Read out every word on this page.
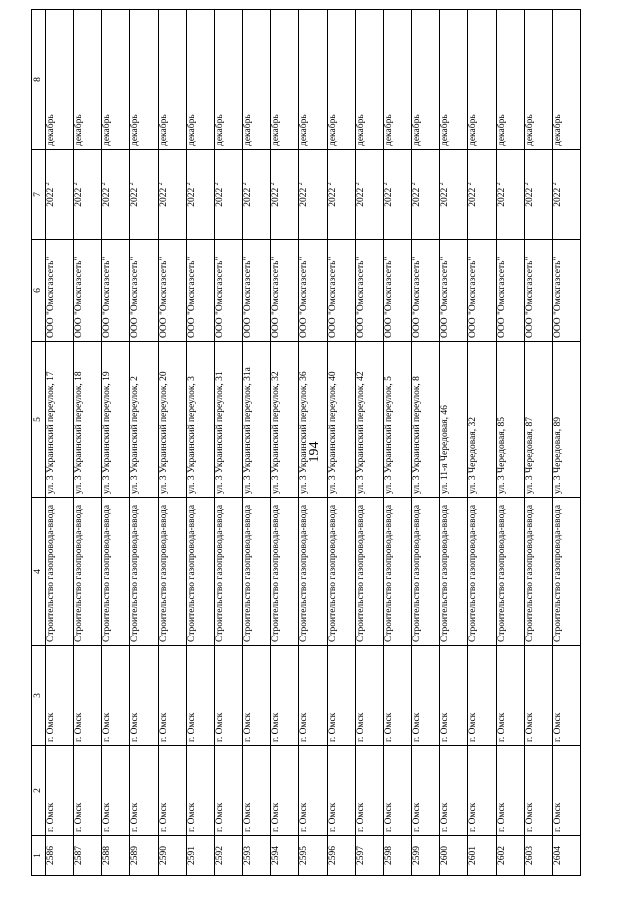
194
1	2	3	4	5	6	7	8
2586	г. Омск	г. Омск	Строительство газопровода-ввода	ул. 3 Украинский переулок, 17	ООО "Омскгазсеть"	2022 $^2$	декабрь
2587	г. Омск	г. Омск	Строительство газопровода-ввода	ул. 3 Украинский переулок, 18	ООО "Омскгазсеть"	2022 $^2$	декабрь
2588	г. Омск	г. Омск	Строительство газопровода-ввода	ул. 3 Украинский переулок, 19	ООО "Омскгазсеть"	2022 $^2$	декабрь
2589	г. Омск	г. Омск	Строительство газопровода-ввода	ул. 3 Украинский переулок, 2	ООО "Омскгазсеть"	2022 $^2$	декабрь
2590	г. Омск	г. Омск	Строительство газопровода-ввода	ул. 3 Украинский переулок, 20	ООО "Омскгазсеть"	2022 $^2$	декабрь
2591	г. Омск	г. Омск	Строительство газопровода-ввода	ул. 3 Украинский переулок, 3	ООО "Омскгазсеть"	2022 $^2$	декабрь
2592	г. Омск	г. Омск	Строительство газопровода-ввода	ул. 3 Украинский переулок, 31	ООО "Омскгазсеть"	2022 $^2$	декабрь
2593	г. Омск	г. Омск	Строительство газопровода-ввода	ул. 3 Украинский переулок, 31а	ООО "Омскгазсеть"	2022 $^2$	декабрь
2594	г. Омск	г. Омск	Строительство газопровода-ввода	ул. 3 Украинский переулок, 32	ООО "Омскгазсеть"	2022 $^2$	декабрь
2595	г. Омск	г. Омск	Строительство газопровода-ввода	ул. 3 Украинский переулок, 36	ООО "Омскгазсеть"	2022 $^2$	декабрь
2596	г. Омск	г. Омск	Строительство газопровода-ввода	ул. 3 Украинский переулок, 40	ООО "Омскгазсеть"	2022 $^2$	декабрь
2597	г. Омск	г. Омск	Строительство газопровода-ввода	ул. 3 Украинский переулок, 42	ООО "Омскгазсеть"	2022 $^2$	декабрь
2598	г. Омск	г. Омск	Строительство газопровода-ввода	ул. 3 Украинский переулок, 5	ООО "Омскгазсеть"	2022 $^2$	декабрь
2599	г. Омск	г. Омск	Строительство газопровода-ввода	ул. 3 Украинский переулок, 8	ООО "Омскгазсеть"	2022 $^2$	декабрь
2600	г. Омск	г. Омск	Строительство газопровода-ввода	ул. 11-я Чередовая, 46	ООО "Омскгазсеть"	2022 $^2$	декабрь
2601	г. Омск	г. Омск	Строительство газопровода-ввода	ул. 3 Чередовая, 32	ООО "Омскгазсеть"	2022 $^2$	декабрь
2602	г. Омск	г. Омск	Строительство газопровода-ввода	ул. 3 Чередовая, 85	ООО "Омскгазсеть"	2022 $^2$	декабрь
2603	г. Омск	г. Омск	Строительство газопровода-ввода	ул. 3 Чередовая, 87	ООО "Омскгазсеть"	2022 $^2$	декабрь
2604	г. Омск	г. Омск	Строительство газопровода-ввода	ул. 3 Чередовая, 89	ООО "Омскгазсеть"	2022 $^2$	декабрь
